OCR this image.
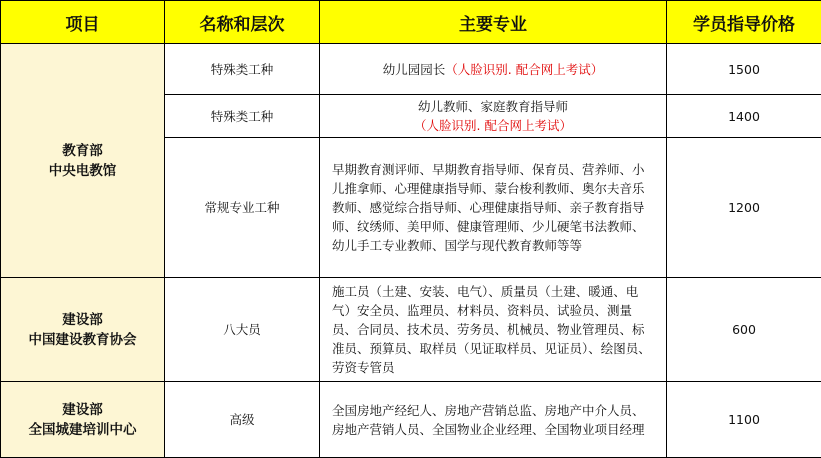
项目	名称和层次	主要专业	学员指导价格

教育部
中央电教馆	特殊类工种	幼儿园园长（人脸识别. 配合网上考试）	1500
	特殊类工种	幼儿教师、家庭教育指导师
（人脸识别. 配合网上考试）	1400
	常规专业工种	早期教育测评师、早期教育指导师、保育员、营养师、小儿推拿师、心理健康指导师、蒙台梭利教师、奥尔夫音乐教师、感觉综合指导师、心理健康指导师、亲子教育指导师、纹绣师、美甲师、健康管理师、少儿硬笔书法教师、幼儿手工专业教师、国学与现代教育教师等等	1200

建设部
中国建设教育协会	八大员	施工员（土建、安装、电气）、质量员（土建、暖通、电气）安全员、监理员、材料员、资料员、试验员、测量员、合同员、技术员、劳务员、机械员、物业管理员、标准员、预算员、取样员（见证取样员、见证员）、绘图员、劳资专管员	600

建设部
全国城建培训中心	高级	全国房地产经纪人、房地产营销总监、房地产中介人员、房地产营销人员、全国物业企业经理、全国物业项目经理	1100
